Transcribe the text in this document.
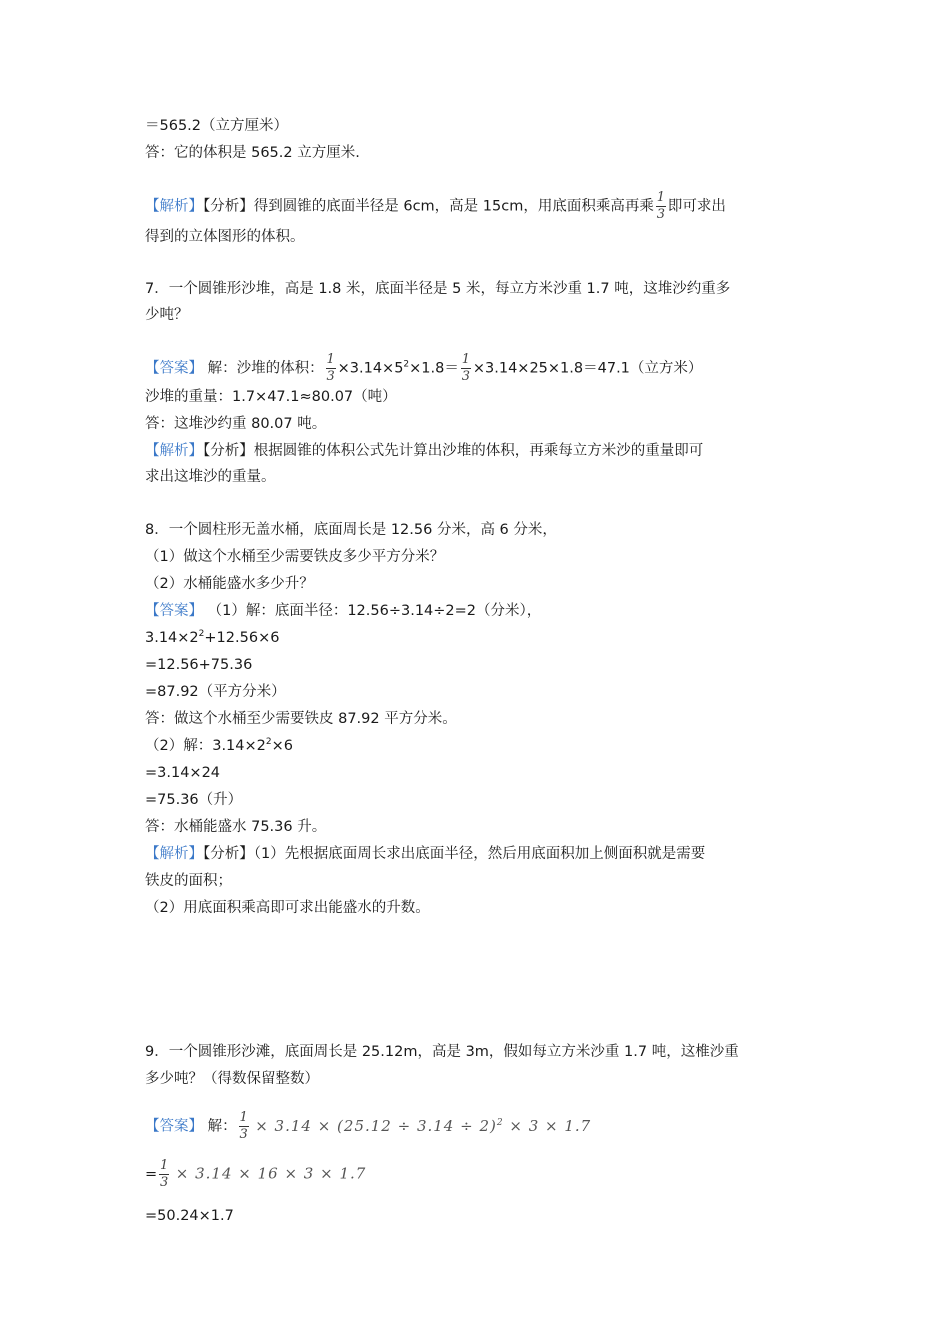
＝565.2（立方厘米）
答：它的体积是 565.2 立方厘米.
【解析】【分析】得到圆锥的底面半径是 6cm，高是 15cm，用底面积乘高再乘 $\frac{1}{3}$ 即可求出
得到的立体图形的体积。
7．一个圆锥形沙堆，高是 1.8 米，底面半径是 5 米，每立方米沙重 1.7 吨，这堆沙约重多
少吨？
【答案】 解：沙堆的体积： $\frac{1}{3} \times 3.14\times 5^2\times 1.8= \frac{1}{3} \times 3.14\times 25\times 1.8=47.1$（立方米）
沙堆的重量：1.7×47.1≈80.07（吨）
答：这堆沙约重 80.07 吨。
【解析】【分析】根据圆锥的体积公式先计算出沙堆的体积，再乘每立方米沙的重量即可
求出这堆沙的重量。
8．一个圆柱形无盖水桶，底面周长是 12.56 分米，高 6 分米，
（1）做这个水桶至少需要铁皮多少平方分米？
（2）水桶能盛水多少升？
【答案】 （1）解：底面半径：12.56÷3.14÷2=2（分米），
$3.14\times 2^2+12.56\times 6$
=12.56+75.36
=87.92（平方分米）
答：做这个水桶至少需要铁皮 87.92 平方分米。
（2）解：$3.14\times 2^2\times 6$
=3.14×24
=75.36（升）
答：水桶能盛水 75.36 升。
【解析】【分析】（1）先根据底面周长求出底面半径，然后用底面积加上侧面积就是需要
铁皮的面积；
（2）用底面积乘高即可求出能盛水的升数。
9．一个圆锥形沙滩，底面周长是 25.12m，高是 3m，假如每立方米沙重 1.7 吨，这椎沙重
多少吨？（得数保留整数）
【答案】 解： $\frac{1}{3} \times 3.14 \times (25.12 \div 3.14 \div 2)^2 \times 3 \times 1.7$
= $\frac{1}{3} \times 3.14 \times 16 \times 3 \times 1.7$
=50.24×1.7
